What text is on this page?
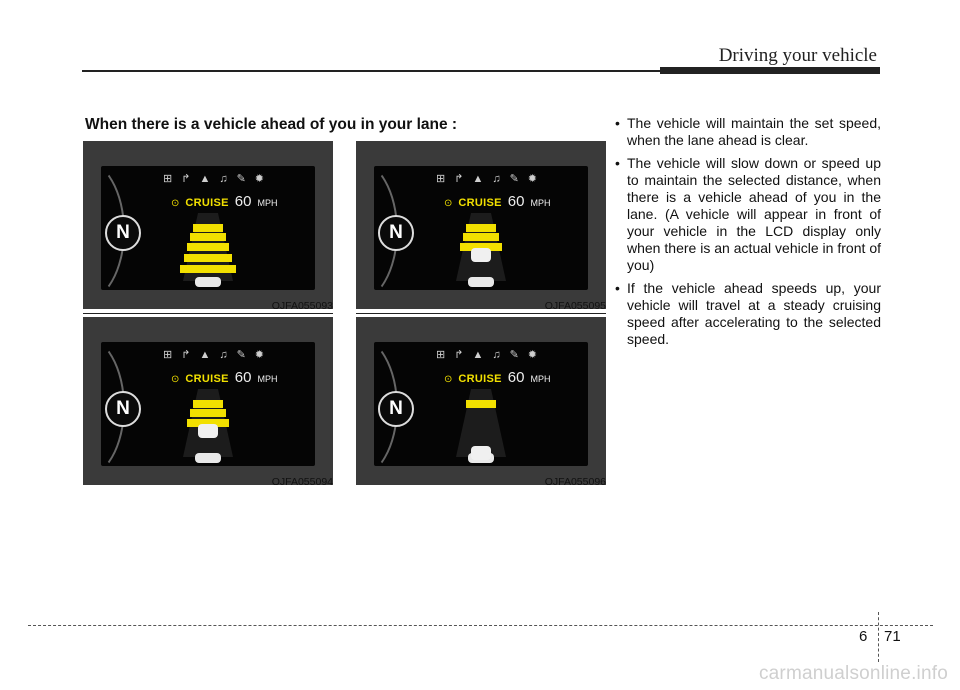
Driving your vehicle
When there is a vehicle ahead of you in your lane :
N
⊞ ↱ ▲ ♫ ✎ ✹
⊙ CRUISE 60 MPH
N
⊞ ↱ ▲ ♫ ✎ ✹
⊙ CRUISE 60 MPH
N
⊞ ↱ ▲ ♫ ✎ ✹
⊙ CRUISE 60 MPH
N
⊞ ↱ ▲ ♫ ✎ ✹
⊙ CRUISE 60 MPH
OJFA055093	OJFA055095
OJFA055094	OJFA055096
• The vehicle will maintain the set speed, when the lane ahead is clear.
• The vehicle will slow down or speed up to maintain the selected distance, when there is a vehicle ahead of you in the lane. (A vehicle will appear in front of your vehicle in the LCD display only when there is an actual vehicle in front of you)
• If the vehicle ahead speeds up, your vehicle will travel at a steady cruising speed after accelerating to the selected speed.
6 71
carmanualsonline.info
